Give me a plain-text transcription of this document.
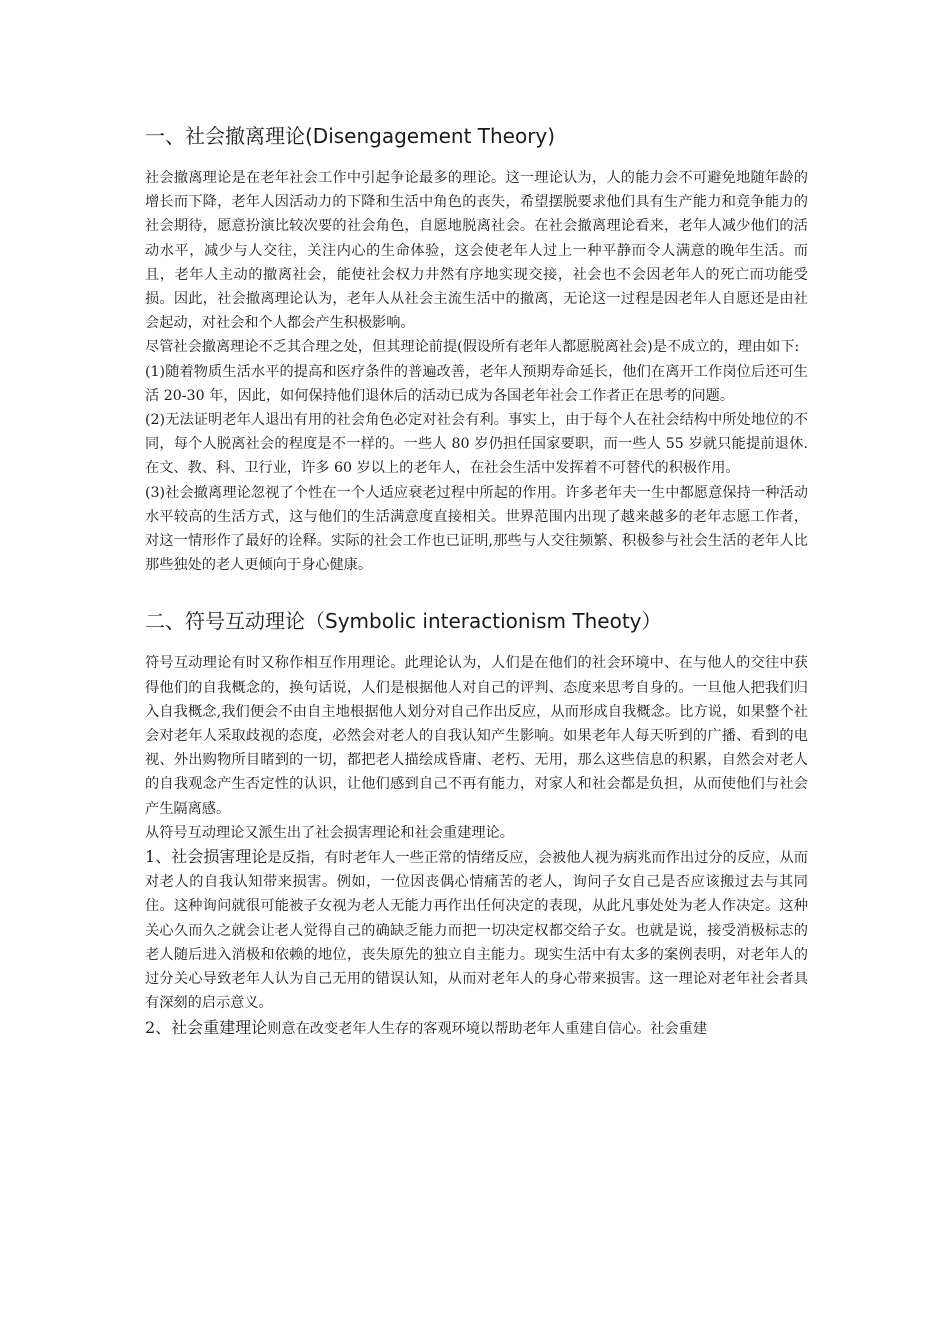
一、社会撤离理论(Disengagement Theory)

社会撤离理论是在老年社会工作中引起争论最多的理论。这一理论认为，人的能力会不可避免地随年龄的增长而下降，老年人因活动力的下降和生活中角色的丧失，希望摆脱要求他们具有生产能力和竞争能力的社会期待，愿意扮演比较次要的社会角色，自愿地脱离社会。在社会撤离理论看来，老年人减少他们的活动水平，减少与人交往，关注内心的生命体验，这会使老年人过上一种平静而令人满意的晚年生活。而且，老年人主动的撤离社会，能使社会权力井然有序地实现交接，社会也不会因老年人的死亡而功能受损。因此，社会撤离理论认为，老年人从社会主流生活中的撤离，无论这一过程是因老年人自愿还是由社会起动，对社会和个人都会产生积极影响。

尽管社会撤离理论不乏其合理之处，但其理论前提(假设所有老年人都愿脱离社会)是不成立的，理由如下:

(1)随着物质生活水平的提高和医疗条件的普遍改善，老年人预期寿命延长，他们在离开工作岗位后还可生活 20-30 年，因此，如何保持他们退休后的活动已成为各国老年社会工作者正在思考的问题。

(2)无法证明老年人退出有用的社会角色必定对社会有利。事实上，由于每个人在社会结构中所处地位的不同，每个人脱离社会的程度是不一样的。一些人 80 岁仍担任国家要职，而一些人 55 岁就只能提前退休.在文、教、科、卫行业，许多 60 岁以上的老年人，在社会生活中发挥着不可替代的积极作用。

(3)社会撤离理论忽视了个性在一个人适应衰老过程中所起的作用。许多老年夫一生中都愿意保持一种活动水平较高的生活方式，这与他们的生活满意度直接相关。世界范围内出现了越来越多的老年志愿工作者，对这一情形作了最好的诠释。实际的社会工作也已证明,那些与人交往频繁、积极参与社会生活的老年人比那些独处的老人更倾向于身心健康。

二、符号互动理论（Symbolic interactionism Theoty）

符号互动理论有时又称作相互作用理论。此理论认为，人们是在他们的社会环境中、在与他人的交往中获得他们的自我概念的，换句话说，人们是根据他人对自己的评判、态度来思考自身的。一旦他人把我们归入自我概念,我们便会不由自主地根据他人划分对自己作出反应，从而形成自我概念。比方说，如果整个社会对老年人采取歧视的态度，必然会对老人的自我认知产生影响。如果老年人每天听到的广播、看到的电视、外出购物所目睹到的一切，都把老人描绘成昏庸、老朽、无用，那么这些信息的积累，自然会对老人的自我观念产生否定性的认识，让他们感到自己不再有能力，对家人和社会都是负担，从而使他们与社会产生隔离感。

从符号互动理论又派生出了社会损害理论和社会重建理论。

1、社会损害理论是反指，有时老年人一些正常的情绪反应，会被他人视为病兆而作出过分的反应，从而对老人的自我认知带来损害。例如，一位因丧偶心情痛苦的老人，询问子女自己是否应该搬过去与其同住。这种询问就很可能被子女视为老人无能力再作出任何决定的表现，从此凡事处处为老人作决定。这种关心久而久之就会让老人觉得自己的确缺乏能力而把一切决定权都交给子女。也就是说，接受消极标志的老人随后进入消极和依赖的地位，丧失原先的独立自主能力。现实生活中有太多的案例表明，对老年人的过分关心导致老年人认为自己无用的错误认知，从而对老年人的身心带来损害。这一理论对老年社会者具有深刻的启示意义。

2、社会重建理论则意在改变老年人生存的客观环境以帮助老年人重建自信心。社会重建
